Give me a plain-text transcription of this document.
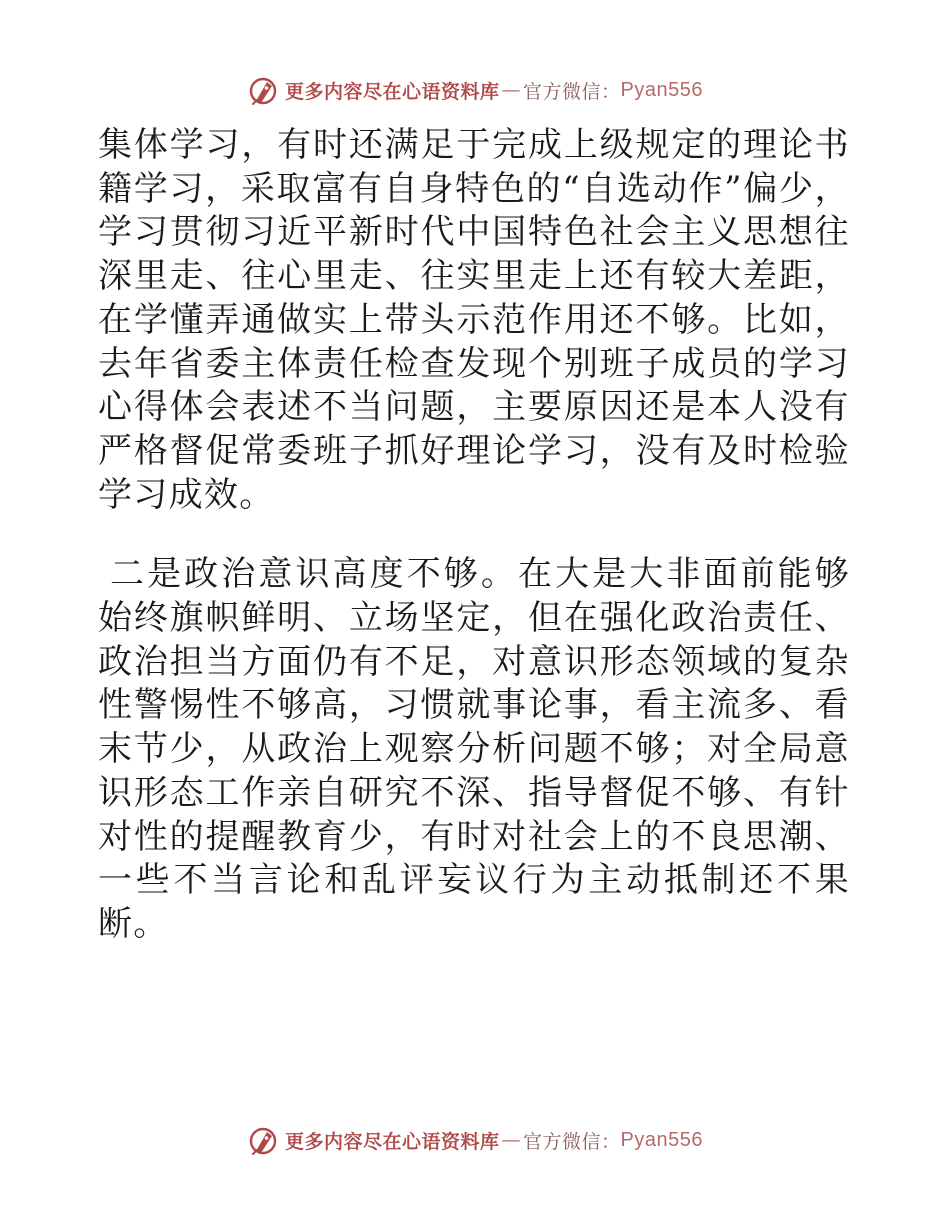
更多内容尽在心语资料库 — 官方微信： Pyan556

集体学习，有时还满足于完成上级规定的理论书籍学习，采取富有自身特色的“自选动作”偏少，学习贯彻习近平新时代中国特色社会主义思想往深里走、往心里走、往实里走上还有较大差距，在学懂弄通做实上带头示范作用还不够。比如，去年省委主体责任检查发现个别班子成员的学习心得体会表述不当问题，主要原因还是本人没有严格督促常委班子抓好理论学习，没有及时检验学习成效。

二是政治意识高度不够。在大是大非面前能够始终旗帜鲜明、立场坚定，但在强化政治责任、政治担当方面仍有不足，对意识形态领域的复杂性警惕性不够高，习惯就事论事，看主流多、看末节少，从政治上观察分析问题不够；对全局意识形态工作亲自研究不深、指导督促不够、有针对性的提醒教育少，有时对社会上的不良思潮、一些不当言论和乱评妄议行为主动抵制还不果断。

更多内容尽在心语资料库 — 官方微信： Pyan556
